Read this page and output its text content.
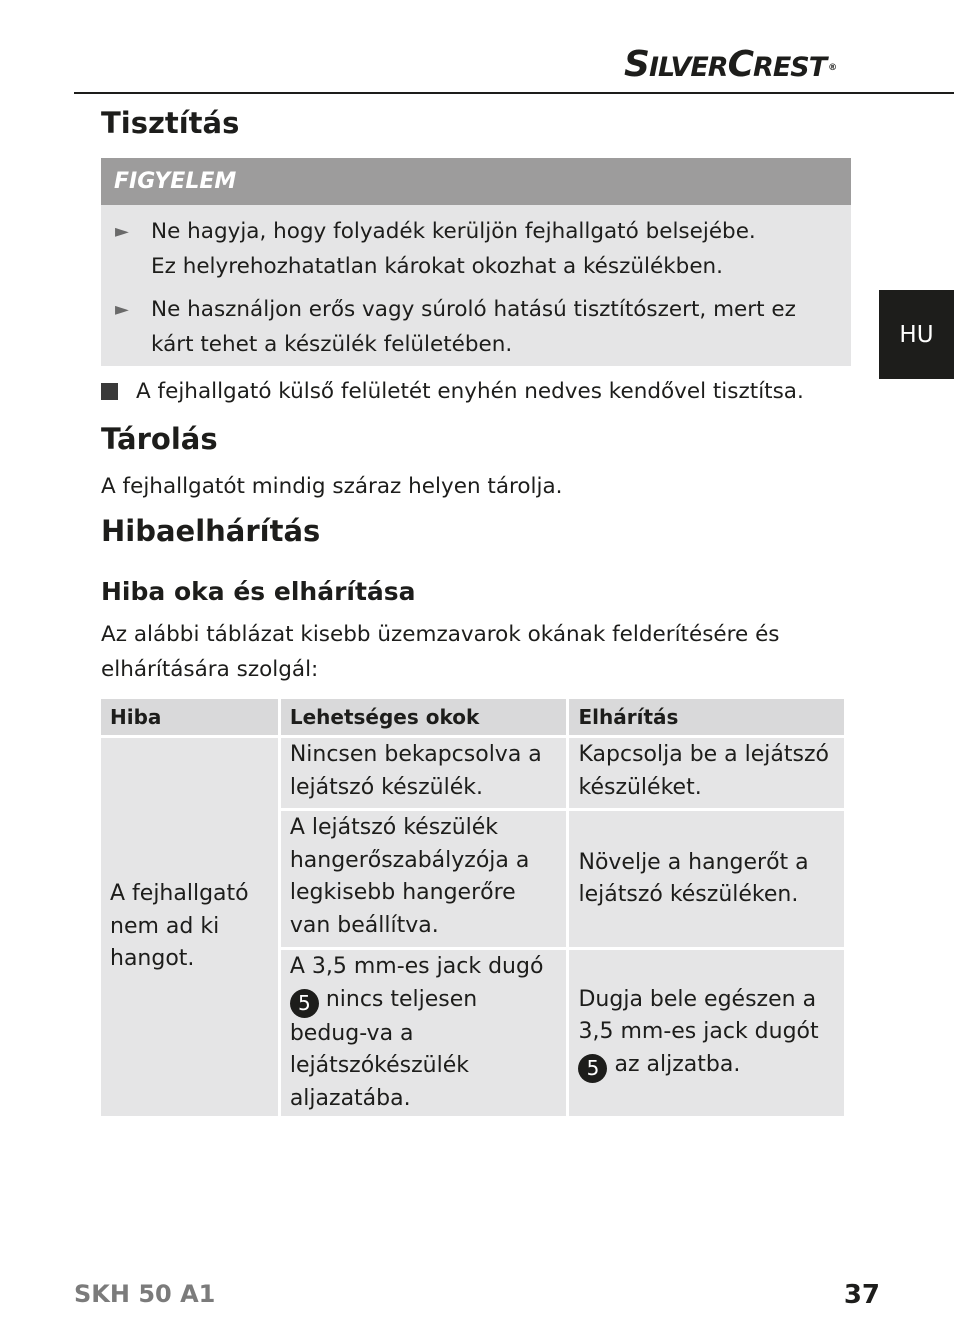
SILVERCREST ®
HU
Tisztítás
FIGYELEM
► Ne hagyja, hogy folyadék kerüljön fejhallgató belsejébe.
Ez helyrehozhatatlan károkat okozhat a készülékben.
► Ne használjon erős vagy súroló hatású tisztítószert, mert ez
kárt tehet a készülék felületében.
A fejhallgató külső felületét enyhén nedves kendővel tisztítsa.
Tárolás
A fejhallgatót mindig száraz helyen tárolja.
Hibaelhárítás
Hiba oka és elhárítása
Az alábbi táblázat kisebb üzemzavarok okának felderítésére és
elhárítására szolgál:
Hiba	Lehetséges okok	Elhárítás
A fejhallgató nem ad ki hangot.	Nincsen bekapcsolva a lejátszó készülék.	Kapcsolja be a lejátszó készüléket.
	A lejátszó készülék hangerőszabályzója a legkisebb hangerőre van beállítva.	Növelje a hangerőt a lejátszó készüléken.
	A 3,5 mm-es jack dugó 5 nincs teljesen bedug-va a lejátszókészülék aljazatába.	Dugja bele egészen a 3,5 mm-es jack dugót 5 az aljzatba.
SKH 50 A1	37
